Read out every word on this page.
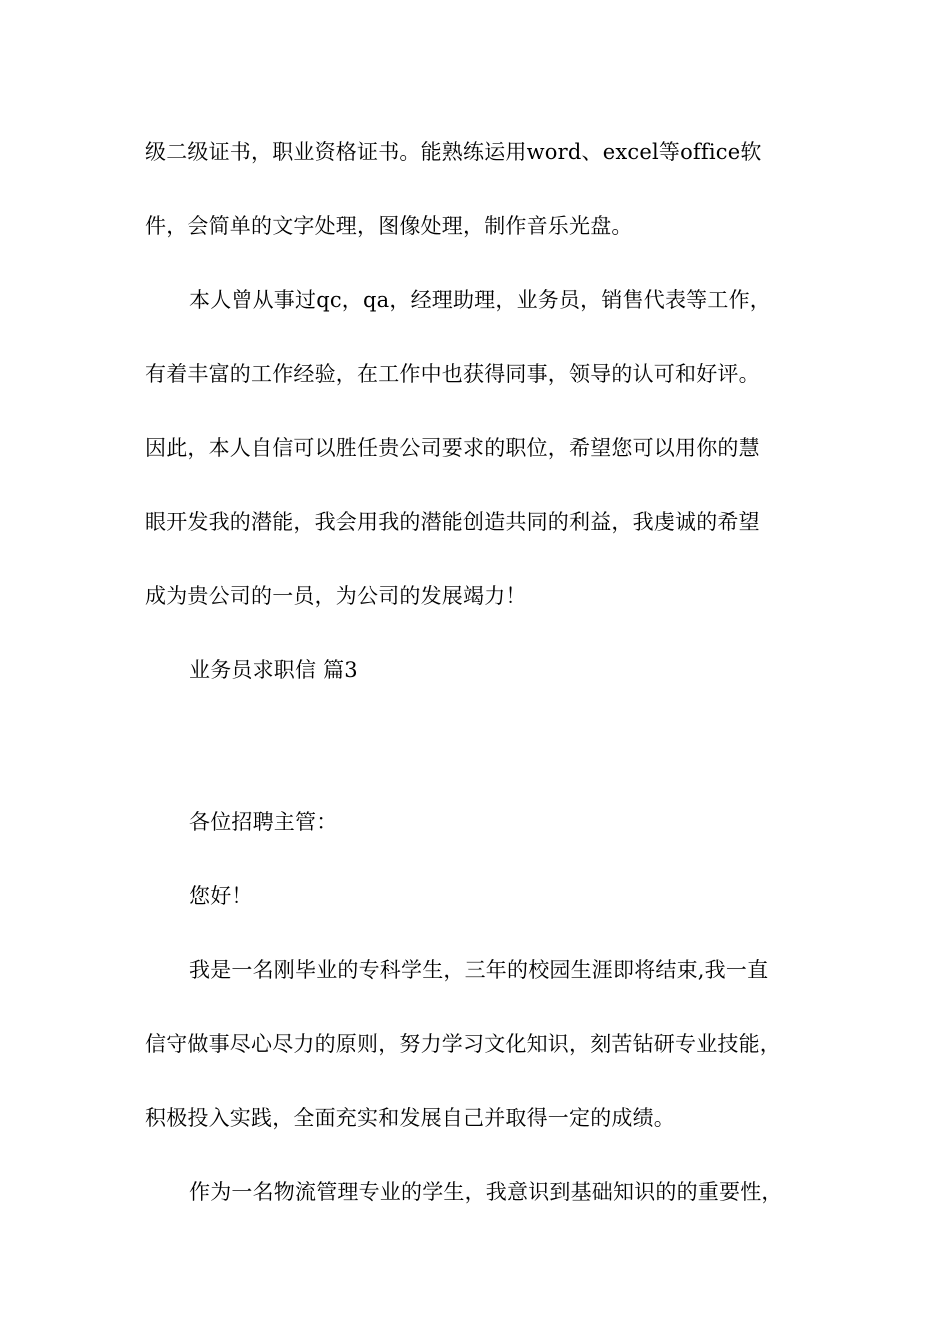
级二级证书，职业资格证书。能熟练运用word、excel等office软
件，会简单的文字处理，图像处理，制作音乐光盘。
本人曾从事过qc，qa，经理助理，业务员，销售代表等工作，
有着丰富的工作经验，在工作中也获得同事，领导的认可和好评。
因此，本人自信可以胜任贵公司要求的职位，希望您可以用你的慧
眼开发我的潜能，我会用我的潜能创造共同的利益，我虔诚的希望
成为贵公司的一员，为公司的发展竭力！
业务员求职信 篇3
各位招聘主管：
您好！
我是一名刚毕业的专科学生，三年的校园生涯即将结束,我一直
信守做事尽心尽力的原则，努力学习文化知识，刻苦钻研专业技能，
积极投入实践，全面充实和发展自己并取得一定的成绩。
作为一名物流管理专业的学生，我意识到基础知识的的重要性，
